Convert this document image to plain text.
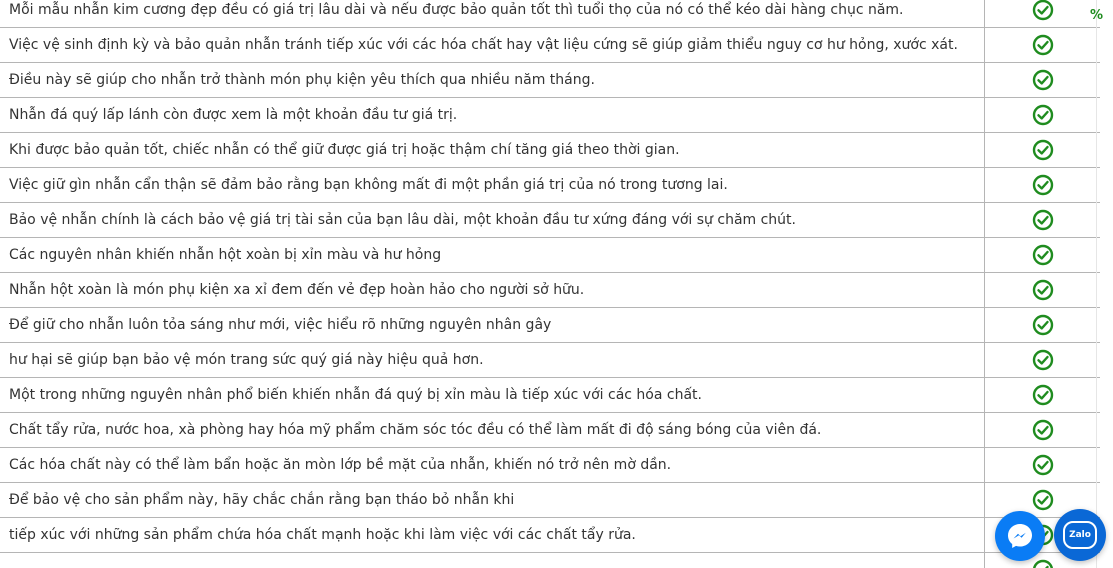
Mỗi mẫu nhẫn kim cương đẹp đều có giá trị lâu dài và nếu được bảo quản tốt thì tuổi thọ của nó có thể kéo dài hàng chục năm.	
Việc vệ sinh định kỳ và bảo quản nhẫn tránh tiếp xúc với các hóa chất hay vật liệu cứng sẽ giúp giảm thiểu nguy cơ hư hỏng, xước xát.	
Điều này sẽ giúp cho nhẫn trở thành món phụ kiện yêu thích qua nhiều năm tháng.	
Nhẫn đá quý lấp lánh còn được xem là một khoản đầu tư giá trị.	
Khi được bảo quản tốt, chiếc nhẫn có thể giữ được giá trị hoặc thậm chí tăng giá theo thời gian.	
Việc giữ gìn nhẫn cẩn thận sẽ đảm bảo rằng bạn không mất đi một phần giá trị của nó trong tương lai.	
Bảo vệ nhẫn chính là cách bảo vệ giá trị tài sản của bạn lâu dài, một khoản đầu tư xứng đáng với sự chăm chút.	
Các nguyên nhân khiến nhẫn hột xoàn bị xỉn màu và hư hỏng	
Nhẫn hột xoàn là món phụ kiện xa xỉ đem đến vẻ đẹp hoàn hảo cho người sở hữu.	
Để giữ cho nhẫn luôn tỏa sáng như mới, việc hiểu rõ những nguyên nhân gây	
hư hại sẽ giúp bạn bảo vệ món trang sức quý giá này hiệu quả hơn.	
Một trong những nguyên nhân phổ biến khiến nhẫn đá quý bị xỉn màu là tiếp xúc với các hóa chất.	
Chất tẩy rửa, nước hoa, xà phòng hay hóa mỹ phẩm chăm sóc tóc đều có thể làm mất đi độ sáng bóng của viên đá.	
Các hóa chất này có thể làm bẩn hoặc ăn mòn lớp bề mặt của nhẫn, khiến nó trở nên mờ dần.	
Để bảo vệ cho sản phẩm này, hãy chắc chắn rằng bạn tháo bỏ nhẫn khi	
tiếp xúc với những sản phẩm chứa hóa chất mạnh hoặc khi làm việc với các chất tẩy rửa.	

%
Zalo
